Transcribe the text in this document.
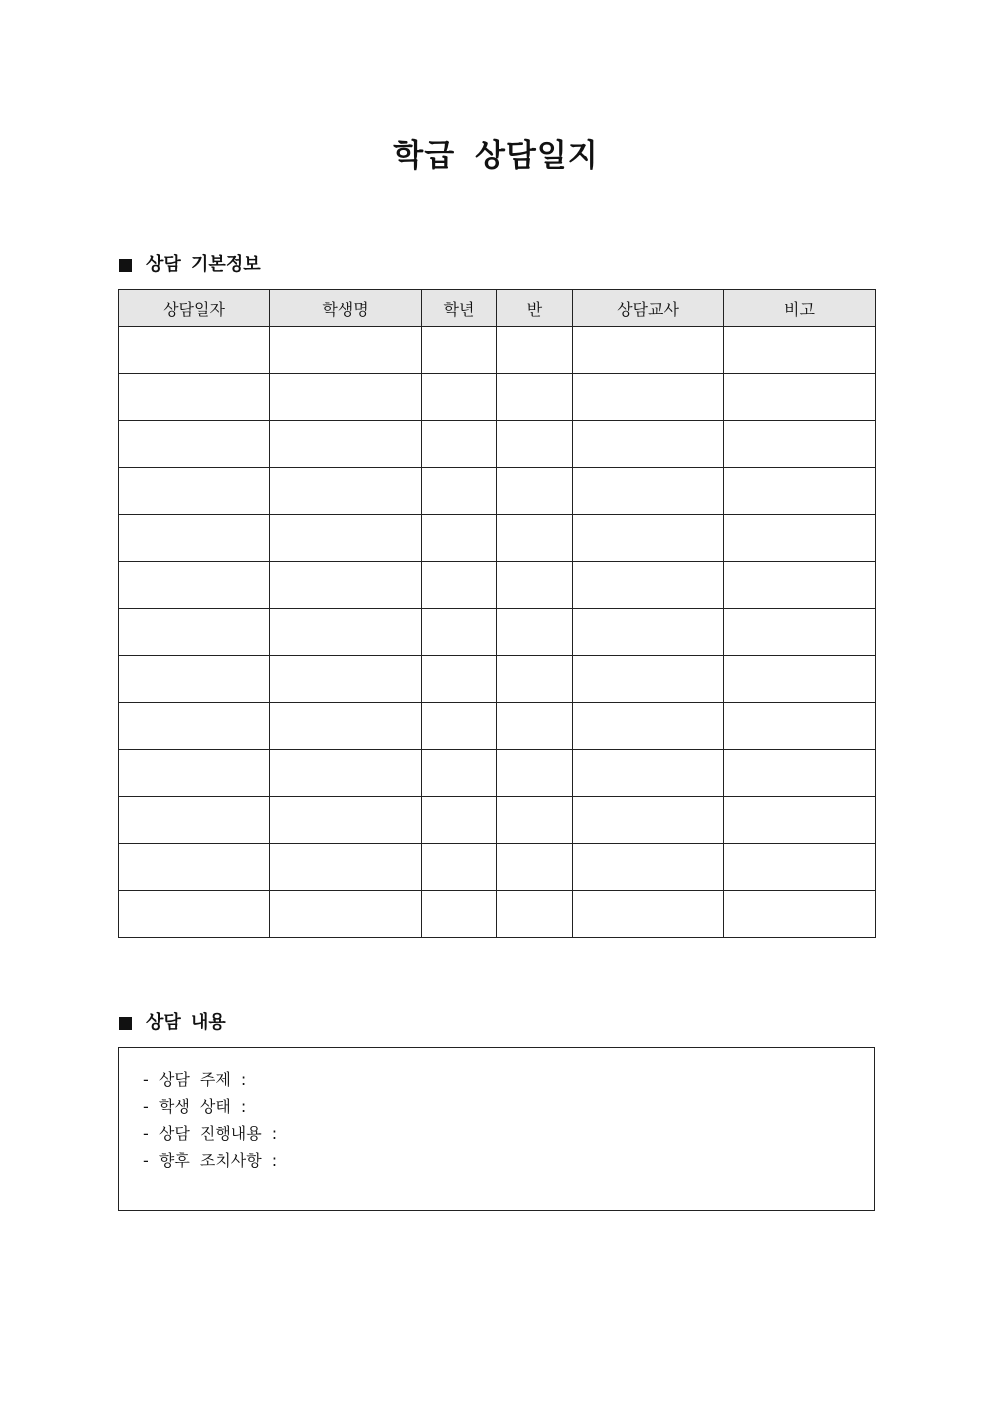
학급 상담일지
상담 기본정보
상담일자	학생명	학년	반	상담교사	비고

상담 내용
- 상담 주제 :
- 학생 상태 :
- 상담 진행내용 :
- 향후 조치사항 :
